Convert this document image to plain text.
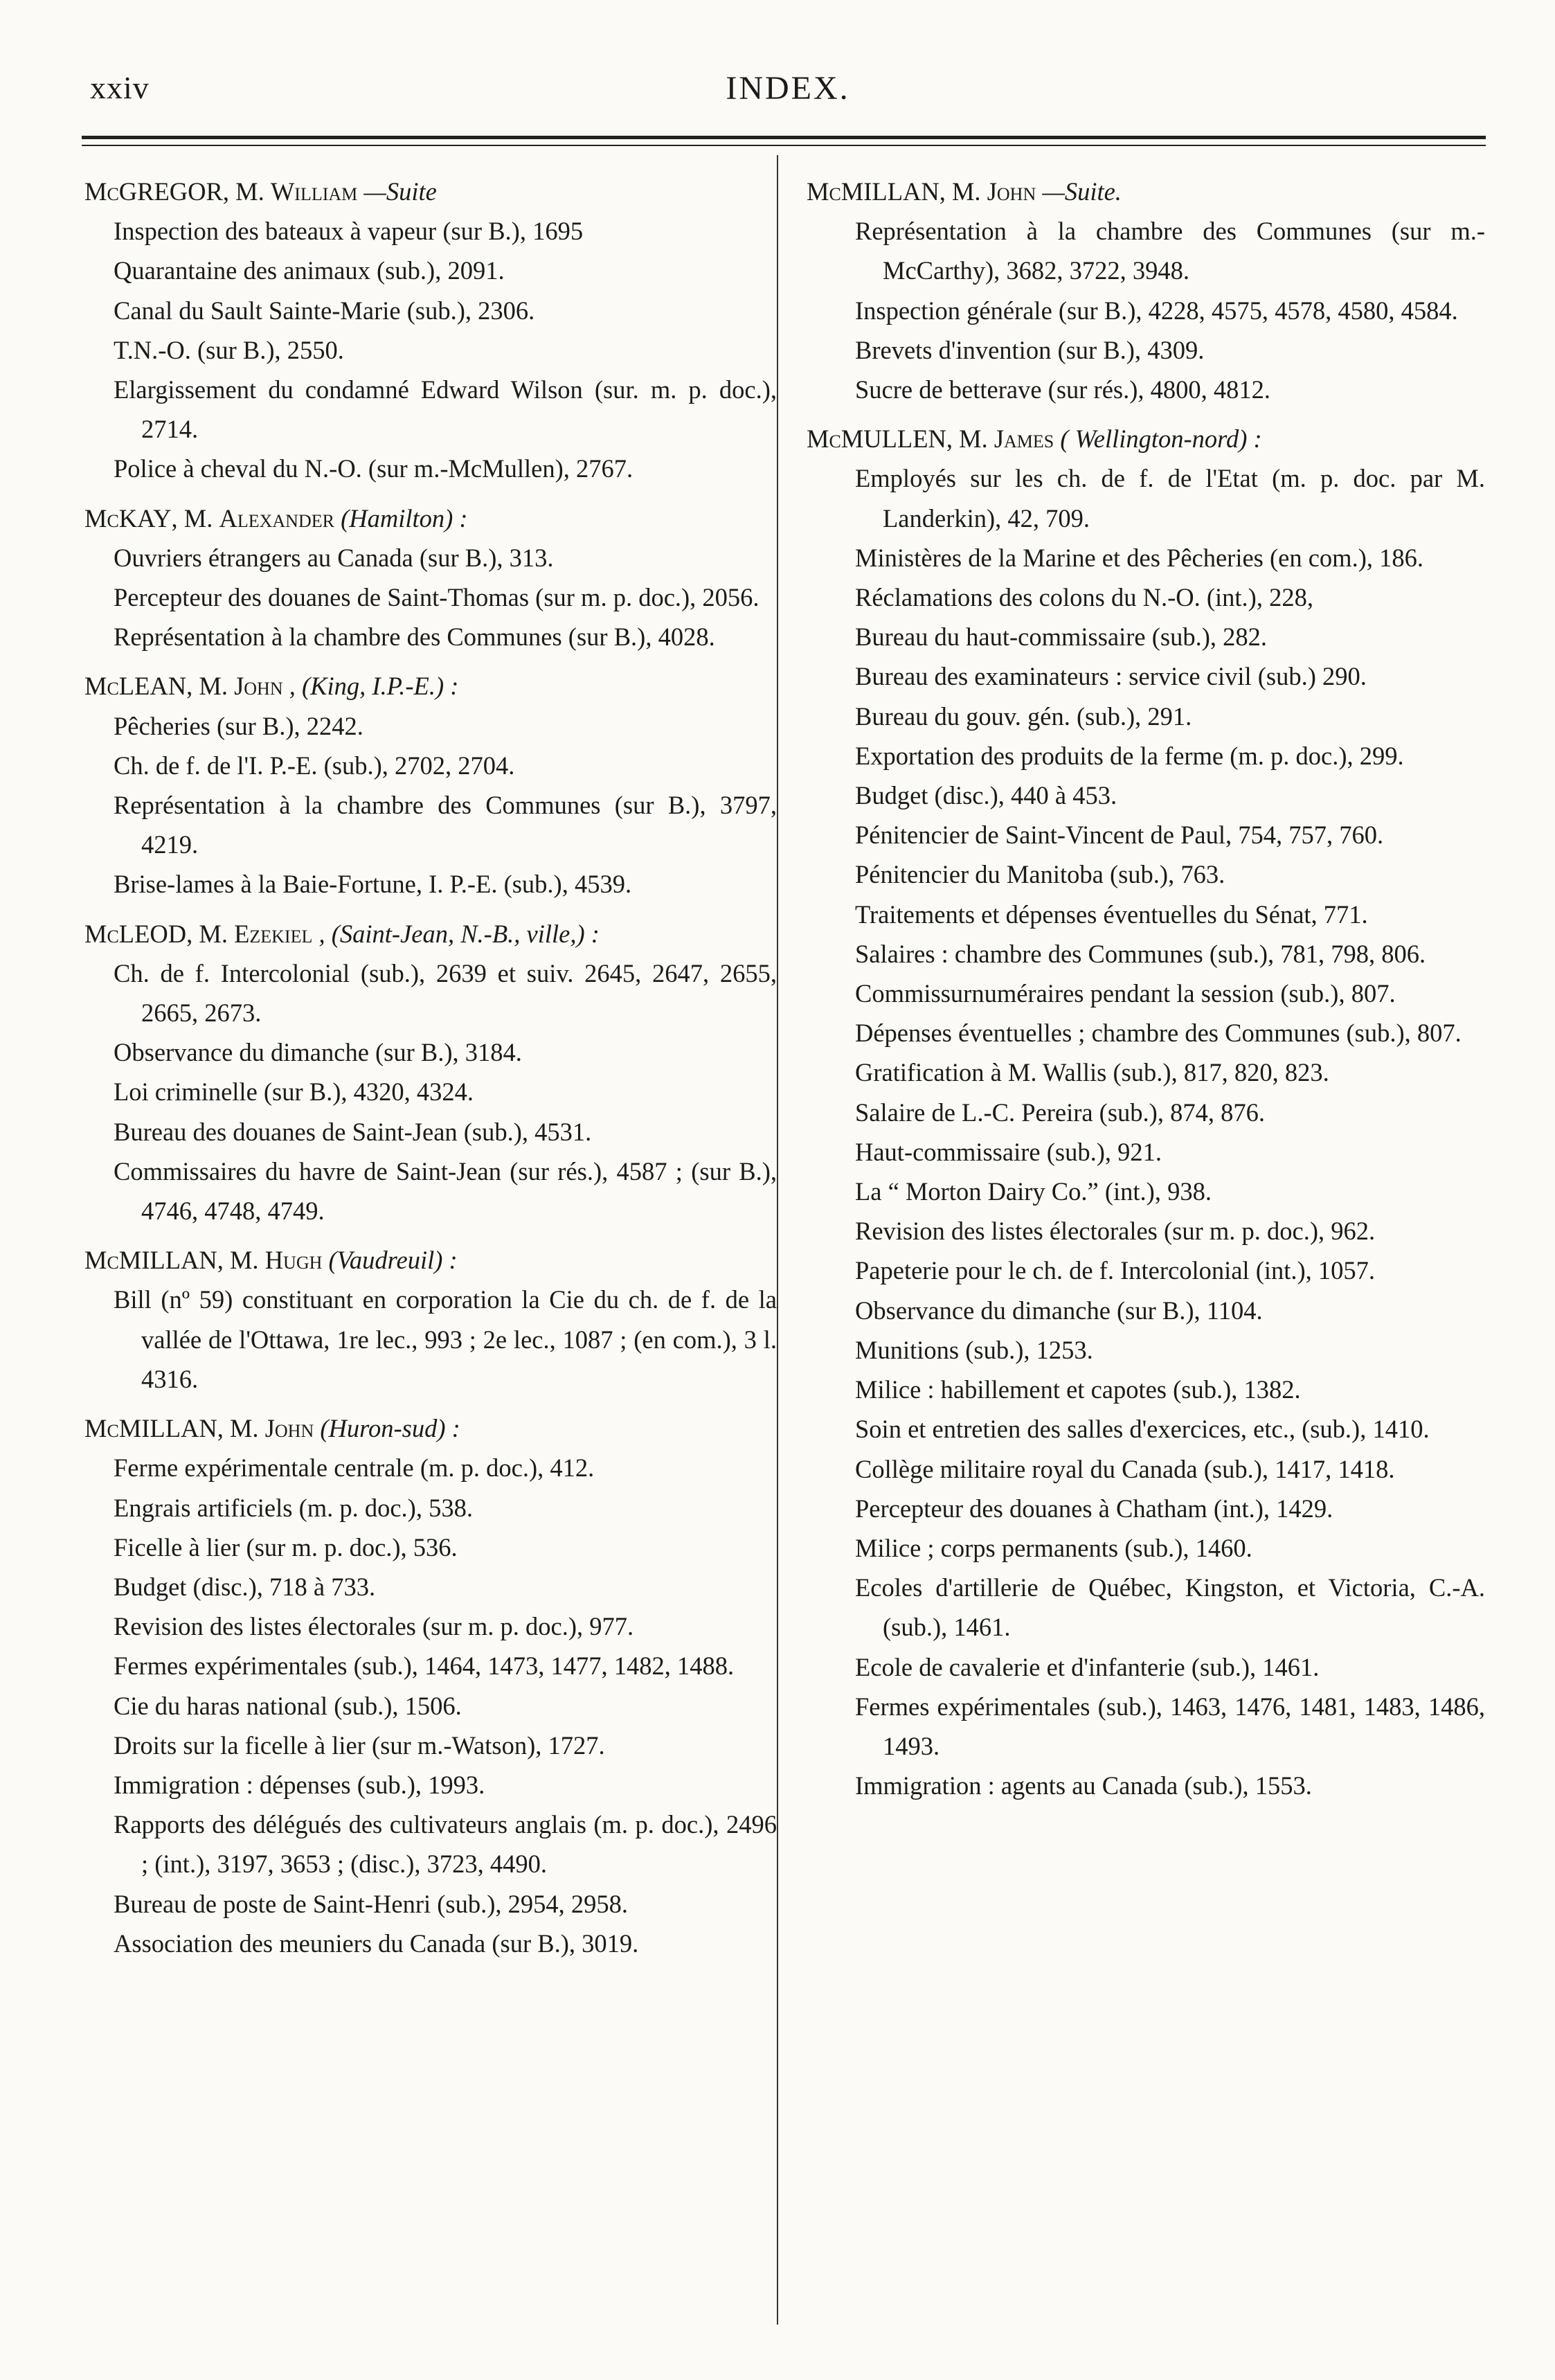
xxiv	INDEX.
McGREGOR, M. William —Suite
Inspection des bateaux à vapeur (sur B.), 1695
Quarantaine des animaux (sub.), 2091.
Canal du Sault Sainte-Marie (sub.), 2306.
T.N.-O. (sur B.), 2550.
Elargissement du condamné Edward Wilson (sur. m. p. doc.), 2714.
Police à cheval du N.-O. (sur m.-McMullen), 2767.
McKAY, M. Alexander (Hamilton) :
Ouvriers étrangers au Canada (sur B.), 313.
Percepteur des douanes de Saint-Thomas (sur m. p. doc.), 2056.
Représentation à la chambre des Communes (sur B.), 4028.
McLEAN, M. John , (King, I.P.-E.) :
Pêcheries (sur B.), 2242.
Ch. de f. de l'I. P.-E. (sub.), 2702, 2704.
Représentation à la chambre des Communes (sur B.), 3797, 4219.
Brise-lames à la Baie-Fortune, I. P.-E. (sub.), 4539.
McLEOD, M. Ezekiel , (Saint-Jean, N.-B., ville,) :
Ch. de f. Intercolonial (sub.), 2639 et suiv. 2645, 2647, 2655, 2665, 2673.
Observance du dimanche (sur B.), 3184.
Loi criminelle (sur B.), 4320, 4324.
Bureau des douanes de Saint-Jean (sub.), 4531.
Commissaires du havre de Saint-Jean (sur rés.), 4587 ; (sur B.), 4746, 4748, 4749.
McMILLAN, M. Hugh (Vaudreuil) :
Bill (nº 59) constituant en corporation la Cie du ch. de f. de la vallée de l'Ottawa, 1re lec., 993 ; 2e lec., 1087 ; (en com.), 3 l. 4316.
McMILLAN, M. John (Huron-sud) :
Ferme expérimentale centrale (m. p. doc.), 412.
Engrais artificiels (m. p. doc.), 538.
Ficelle à lier (sur m. p. doc.), 536.
Budget (disc.), 718 à 733.
Revision des listes électorales (sur m. p. doc.), 977.
Fermes expérimentales (sub.), 1464, 1473, 1477, 1482, 1488.
Cie du haras national (sub.), 1506.
Droits sur la ficelle à lier (sur m.-Watson), 1727.
Immigration : dépenses (sub.), 1993.
Rapports des délégués des cultivateurs anglais (m. p. doc.), 2496 ; (int.), 3197, 3653 ; (disc.), 3723, 4490.
Bureau de poste de Saint-Henri (sub.), 2954, 2958.
Association des meuniers du Canada (sur B.), 3019.
McMILLAN, M. John —Suite.
Représentation à la chambre des Communes (sur m.-McCarthy), 3682, 3722, 3948.
Inspection générale (sur B.), 4228, 4575, 4578, 4580, 4584.
Brevets d'invention (sur B.), 4309.
Sucre de betterave (sur rés.), 4800, 4812.
McMULLEN, M. James ( Wellington-nord) :
Employés sur les ch. de f. de l'Etat (m. p. doc. par M. Landerkin), 42, 709.
Ministères de la Marine et des Pêcheries (en com.), 186.
Réclamations des colons du N.-O. (int.), 228,
Bureau du haut-commissaire (sub.), 282.
Bureau des examinateurs : service civil (sub.) 290.
Bureau du gouv. gén. (sub.), 291.
Exportation des produits de la ferme (m. p. doc.), 299.
Budget (disc.), 440 à 453.
Pénitencier de Saint-Vincent de Paul, 754, 757, 760.
Pénitencier du Manitoba (sub.), 763.
Traitements et dépenses éventuelles du Sénat, 771.
Salaires : chambre des Communes (sub.), 781, 798, 806.
Commissurnuméraires pendant la session (sub.), 807.
Dépenses éventuelles ; chambre des Communes (sub.), 807.
Gratification à M. Wallis (sub.), 817, 820, 823.
Salaire de L.-C. Pereira (sub.), 874, 876.
Haut-commissaire (sub.), 921.
La “ Morton Dairy Co.” (int.), 938.
Revision des listes électorales (sur m. p. doc.), 962.
Papeterie pour le ch. de f. Intercolonial (int.), 1057.
Observance du dimanche (sur B.), 1104.
Munitions (sub.), 1253.
Milice : habillement et capotes (sub.), 1382.
Soin et entretien des salles d'exercices, etc., (sub.), 1410.
Collège militaire royal du Canada (sub.), 1417, 1418.
Percepteur des douanes à Chatham (int.), 1429.
Milice ; corps permanents (sub.), 1460.
Ecoles d'artillerie de Québec, Kingston, et Victoria, C.-A. (sub.), 1461.
Ecole de cavalerie et d'infanterie (sub.), 1461.
Fermes expérimentales (sub.), 1463, 1476, 1481, 1483, 1486, 1493.
Immigration : agents au Canada (sub.), 1553.
